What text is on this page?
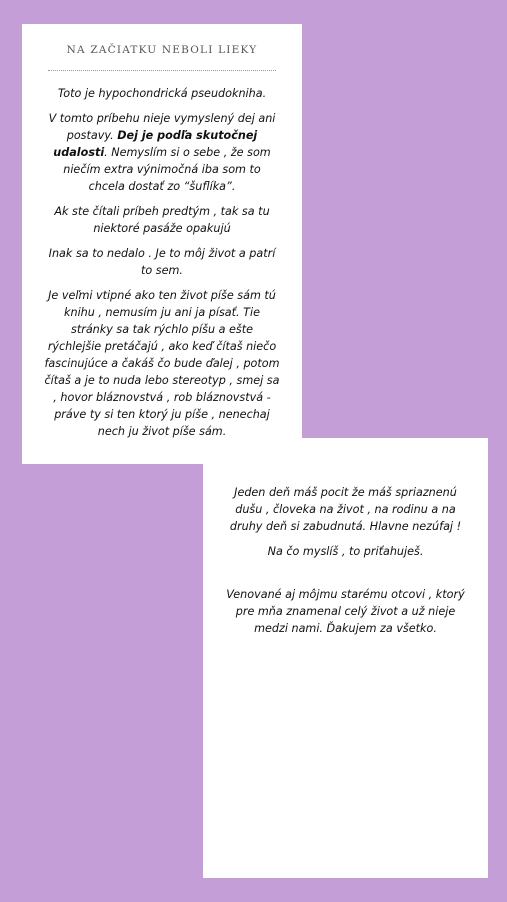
NA ZAČIATKU NEBOLI LIEKY

Toto je hypochondrická pseudokniha.

V tomto príbehu nieje vymyslený dej ani postavy. Dej je podľa skutočnej udalosti. Nemyslím si o sebe , že som niečím extra výnimočná iba som to chcela dostať zo “šuflíka”.

Ak ste čítali príbeh predtým , tak sa tu niektoré pasáže opakujú

Inak sa to nedalo . Je to môj život a patrí to sem.

Je veľmi vtipné ako ten život píše sám tú knihu , nemusím ju ani ja písať. Tie stránky sa tak rýchlo píšu a ešte rýchlejšie pretáčajú , ako keď čítaš niečo fascinujúce a čakáš čo bude ďalej , potom čítaš a je to nuda lebo stereotyp , smej sa , hovor bláznovstvá , rob bláznovstvá - práve ty si ten ktorý ju píše , nenechaj nech ju život píše sám.

Jeden deň máš pocit že máš spriaznenú dušu , človeka na život , na rodinu a na druhy deň si zabudnutá. Hlavne nezúfaj !

Na čo myslíš , to priťahuješ.

Venované aj môjmu starému otcovi , ktorý pre mňa znamenal celý život a už nieje medzi nami. Ďakujem za všetko.
